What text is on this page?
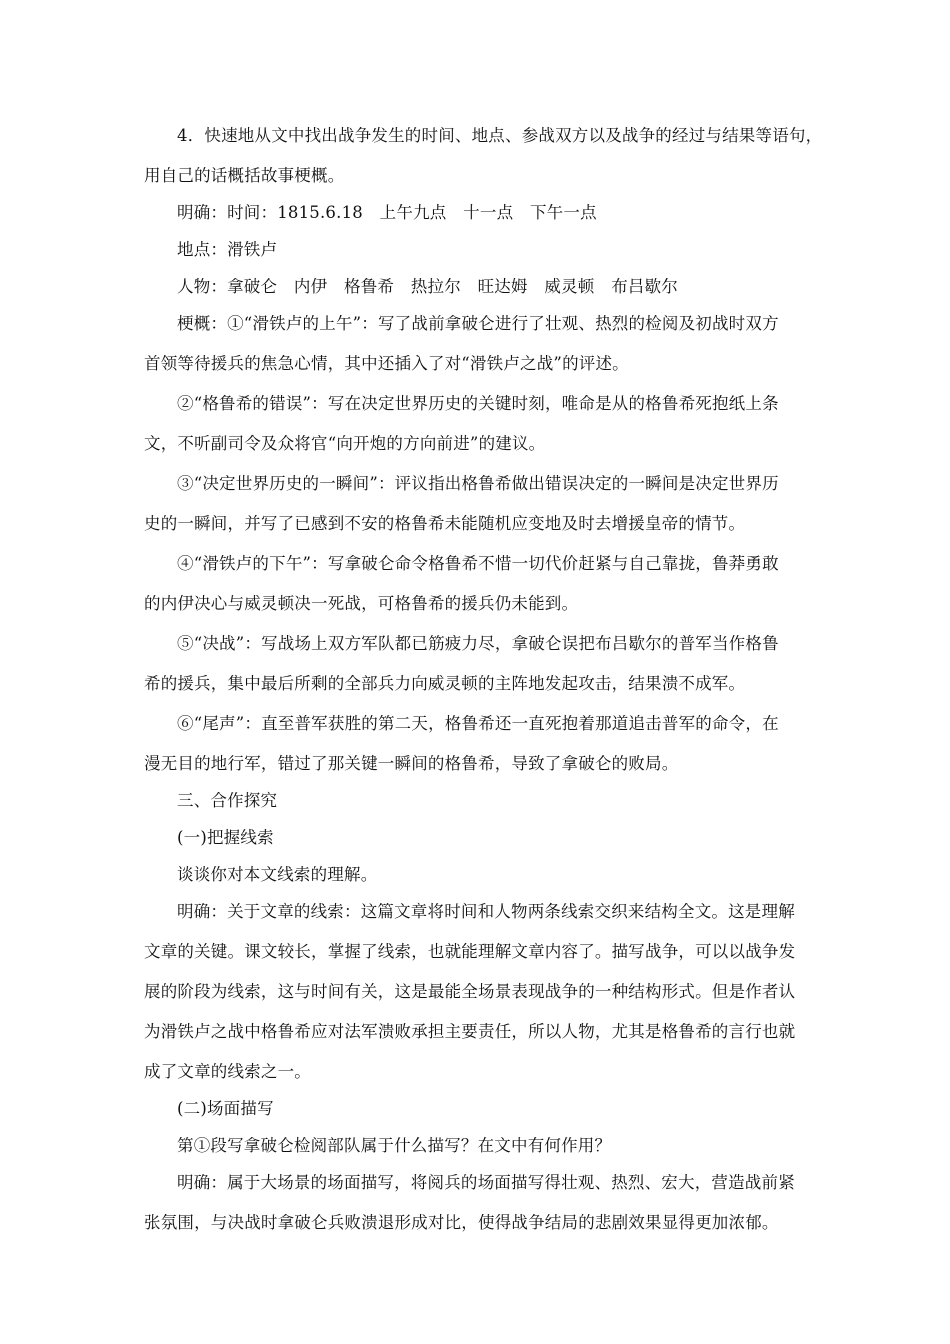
4．快速地从文中找出战争发生的时间、地点、参战双方以及战争的经过与结果等语句，

用自己的话概括故事梗概。

明确：时间：1815.6.18　上午九点　十一点　下午一点

地点：滑铁卢

人物：拿破仑　内伊　格鲁希　热拉尔　旺达姆　威灵顿　布吕歇尔

梗概：①“滑铁卢的上午”：写了战前拿破仑进行了壮观、热烈的检阅及初战时双方

首领等待援兵的焦急心情，其中还插入了对“滑铁卢之战”的评述。

②“格鲁希的错误”：写在决定世界历史的关键时刻，唯命是从的格鲁希死抱纸上条

文，不听副司令及众将官“向开炮的方向前进”的建议。

③“决定世界历史的一瞬间”：评议指出格鲁希做出错误决定的一瞬间是决定世界历

史的一瞬间，并写了已感到不安的格鲁希未能随机应变地及时去增援皇帝的情节。

④“滑铁卢的下午”：写拿破仑命令格鲁希不惜一切代价赶紧与自己靠拢，鲁莽勇敢

的内伊决心与威灵顿决一死战，可格鲁希的援兵仍未能到。

⑤“决战”：写战场上双方军队都已筋疲力尽，拿破仑误把布吕歇尔的普军当作格鲁

希的援兵，集中最后所剩的全部兵力向威灵顿的主阵地发起攻击，结果溃不成军。

⑥“尾声”：直至普军获胜的第二天，格鲁希还一直死抱着那道追击普军的命令，在

漫无目的地行军，错过了那关键一瞬间的格鲁希，导致了拿破仑的败局。

三、合作探究

(一)把握线索

谈谈你对本文线索的理解。

明确：关于文章的线索：这篇文章将时间和人物两条线索交织来结构全文。这是理解

文章的关键。课文较长，掌握了线索，也就能理解文章内容了。描写战争，可以以战争发

展的阶段为线索，这与时间有关，这是最能全场景表现战争的一种结构形式。但是作者认

为滑铁卢之战中格鲁希应对法军溃败承担主要责任，所以人物，尤其是格鲁希的言行也就

成了文章的线索之一。

(二)场面描写

第①段写拿破仑检阅部队属于什么描写？在文中有何作用？

明确：属于大场景的场面描写，将阅兵的场面描写得壮观、热烈、宏大，营造战前紧

张氛围，与决战时拿破仑兵败溃退形成对比，使得战争结局的悲剧效果显得更加浓郁。
